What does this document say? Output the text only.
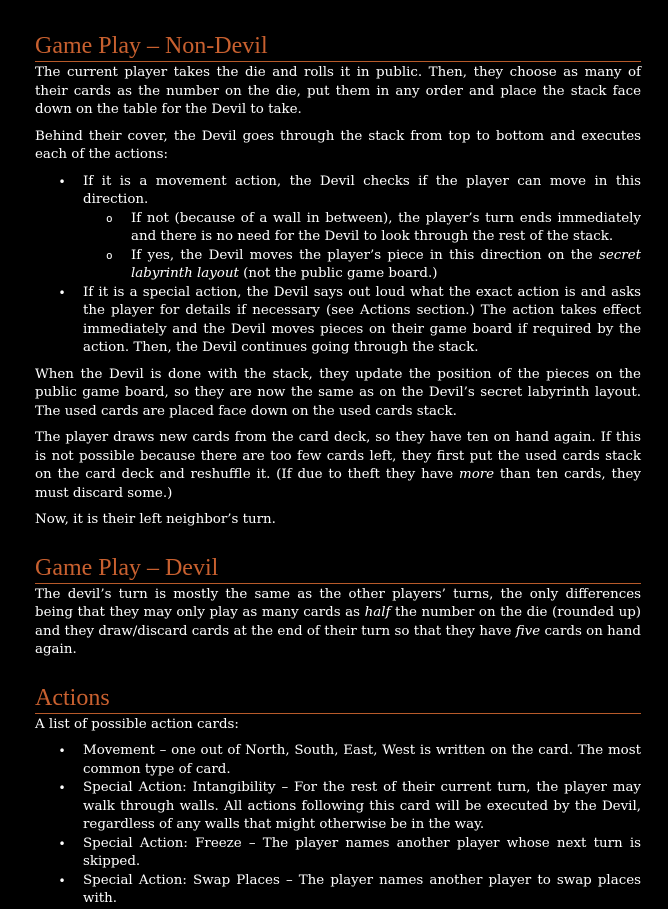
Game Play – Non-Devil

The current player takes the die and rolls it in public. Then, they choose as many of their cards as the number on the die, put them in any order and place the stack face down on the table for the Devil to take.

Behind their cover, the Devil goes through the stack from top to bottom and executes each of the actions:

• If it is a movement action, the Devil checks if the player can move in this direction.
o If not (because of a wall in between), the player’s turn ends immediately and there is no need for the Devil to look through the rest of the stack.
o If yes, the Devil moves the player’s piece in this direction on the secret labyrinth layout (not the public game board.)
• If it is a special action, the Devil says out loud what the exact action is and asks the player for details if necessary (see Actions section.) The action takes effect immediately and the Devil moves pieces on their game board if required by the action. Then, the Devil continues going through the stack.

When the Devil is done with the stack, they update the position of the pieces on the public game board, so they are now the same as on the Devil’s secret labyrinth layout. The used cards are placed face down on the used cards stack.

The player draws new cards from the card deck, so they have ten on hand again. If this is not possible because there are too few cards left, they first put the used cards stack on the card deck and reshuffle it. (If due to theft they have more than ten cards, they must discard some.)

Now, it is their left neighbor’s turn.

Game Play – Devil

The devil’s turn is mostly the same as the other players’ turns, the only differences being that they may only play as many cards as half the number on the die (rounded up) and they draw/discard cards at the end of their turn so that they have five cards on hand again.

Actions

A list of possible action cards:

• Movement – one out of North, South, East, West is written on the card. The most common type of card.
• Special Action: Intangibility – For the rest of their current turn, the player may walk through walls. All actions following this card will be executed by the Devil, regardless of any walls that might otherwise be in the way.
• Special Action: Freeze – The player names another player whose next turn is skipped.
• Special Action: Swap Places – The player names another player to swap places with.
